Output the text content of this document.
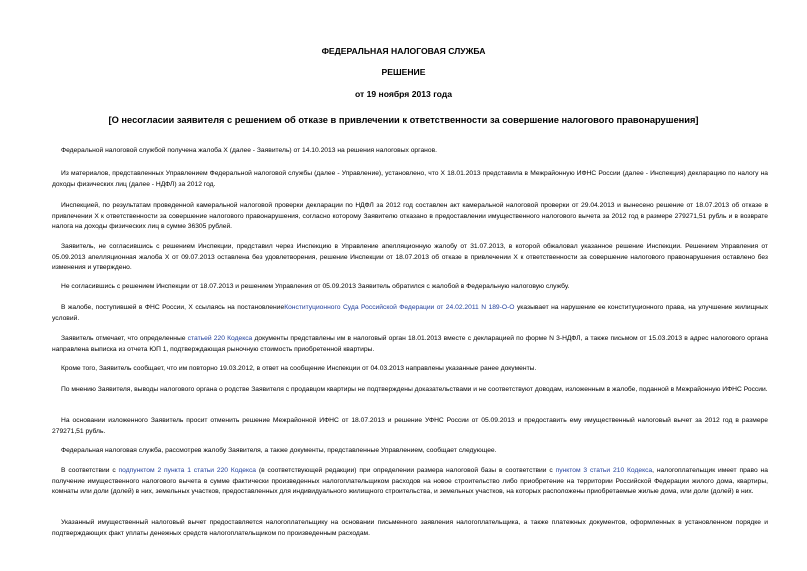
ФЕДЕРАЛЬНАЯ НАЛОГОВАЯ СЛУЖБА
РЕШЕНИЕ
от 19 ноября 2013 года
[О несогласии заявителя с решением об отказе в привлечении к ответственности за совершение налогового правонарушения]

Федеральной налоговой службой получена жалоба Х (далее - Заявитель) от 14.10.2013 на решения налоговых органов.

Из материалов, представленных Управлением Федеральной налоговой службы (далее - Управление), установлено, что Х 18.01.2013 представила в Межрайонную ИФНС России (далее - Инспекция) декларацию по налогу на доходы физических лиц (далее - НДФЛ) за 2012 год.

Инспекцией, по результатам проведенной камеральной налоговой проверки декларации по НДФЛ за 2012 год составлен акт камеральной налоговой проверки от 29.04.2013 и вынесено решение от 18.07.2013 об отказе в привлечении Х к ответственности за совершение налогового правонарушения, согласно которому Заявителю отказано в предоставлении имущественного налогового вычета за 2012 год в размере 279271,51 рубль и в возврате налога на доходы физических лиц в сумме 36305 рублей.

Заявитель, не согласившись с решением Инспекции, представил через Инспекцию в Управление апелляционную жалобу от 31.07.2013, в которой обжаловал указанное решение Инспекции. Решением Управления от 05.09.2013 апелляционная жалоба Х от 09.07.2013 оставлена без удовлетворения, решение Инспекции от 18.07.2013 об отказе в привлечении Х к ответственности за совершение налогового правонарушения оставлено без изменения и утверждено.

Не согласившись с решением Инспекции от 18.07.2013 и решением Управления от 05.09.2013 Заявитель обратился с жалобой в Федеральную налоговую службу.

В жалобе, поступившей в ФНС России, Х ссылаясь на постановлениеКонституционного Суда Российской Федерации от 24.02.2011 N 189-О-О указывает на нарушение ее конституционного права, на улучшение жилищных условий.

Заявитель отмечает, что определенные статьей 220 Кодекса документы представлены им в налоговый орган 18.01.2013 вместе с декларацией по форме N 3-НДФЛ, а также письмом от 15.03.2013 в адрес налогового органа направлена выписка из отчета ЮП 1, подтверждающая рыночную стоимость приобретенной квартиры.

Кроме того, Заявитель сообщает, что им повторно 19.03.2012, в ответ на сообщение Инспекции от 04.03.2013 направлены указанные ранее документы.

По мнению Заявителя, выводы налогового органа о родстве Заявителя с продавцом квартиры не подтверждены доказательствами и не соответствуют доводам, изложенным в жалобе, поданной в Межрайонную ИФНС России.

На основании изложенного Заявитель просит отменить решение Межрайонной ИФНС от 18.07.2013 и решение УФНС России от 05.09.2013 и предоставить ему имущественный налоговый вычет за 2012 год в размере 279271,51 рубль.

Федеральная налоговая служба, рассмотрев жалобу Заявителя, а также документы, представленные Управлением, сообщает следующее.

В соответствии с подпунктом 2 пункта 1 статьи 220 Кодекса (в соответствующей редакции) при определении размера налоговой базы в соответствии с пунктом 3 статьи 210 Кодекса, налогоплательщик имеет право на получение имущественного налогового вычета в сумме фактически произведенных налогоплательщиком расходов на новое строительство либо приобретение на территории Российской Федерации жилого дома, квартиры, комнаты или доли (долей) в них, земельных участков, предоставленных для индивидуального жилищного строительства, и земельных участков, на которых расположены приобретаемые жилые дома, или доли (долей) в них.

Указанный имущественный налоговый вычет предоставляется налогоплательщику на основании письменного заявления налогоплательщика, а также платежных документов, оформленных в установленном порядке и подтверждающих факт уплаты денежных средств налогоплательщиком по произведенным расходам.
